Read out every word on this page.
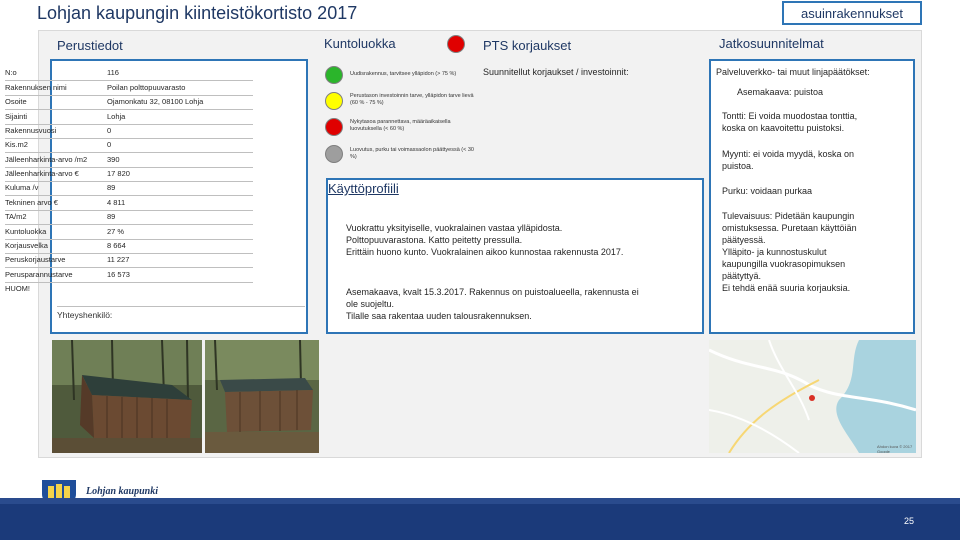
Lohjan kaupungin kiinteistökortisto 2017	asuinrakennukset
Perustiedot	Kuntoluokka	PTS korjaukset	Jatkosuunnitelmat
N:o	116
Rakennuksen nimi	Poilan polttopuuvarasto
Osoite	Ojamonkatu 32, 08100 Lohja
Sijainti	Lohja
Rakennusvuosi	0
Kis.m2	0
Jälleenharkinta-arvo /m2	390
Jälleenharkinta-arvo €	17 820
Kuluma /v	89
Tekninen arvo €	4 811
TA/m2	89
Kuntoluokka	27 %
Korjausvelka	8 664
Peruskorjaustarve	11 227
Perusparannustarve	16 573
HUOM!
Yhteyshenkilö:
Uudisrakennus, tarvitsee ylläpidon (> 75 %)
Perustason investoinnin tarve, ylläpidon tarve lievä (60 % - 75 %)
Nykytasoa parannettava, määräaikaisella luovutuksella (< 60 %)
Luovutus, purku tai voimassaolon päättyessä (< 30 %)
Suunnitellut korjaukset / investoinnit:
Käyttöprofiili
Vuokrattu yksityiselle, vuokralainen vastaa ylläpidosta.
Polttopuuvarastona. Katto peitetty pressulla.
Erittäin huono kunto. Vuokralainen aikoo kunnostaa rakennusta 2017.
Asemakaava, kvalt 15.3.2017. Rakennus on puistoalueella, rakennusta ei
ole suojeltu.
Tilalle saa rakentaa uuden talousrakennuksen.
Palveluverkko- tai muut linjapäätökset:
Asemakaava: puistoa
Tontti: Ei voida muodostaa tonttia,
koska on kaavoitettu puistoksi.
Myynti: ei voida myydä, koska on
puistoa.
Purku: voidaan purkaa
Tulevaisuus: Pidetään kaupungin
omistuksessa. Puretaan käyttöiän
päätyessä.
Ylläpito- ja kunnostuskulut
kaupungilla vuokrasopimuksen
päätyttyä.
Ei tehdä enää suuria korjauksia.
Ahdon kuva © 2017 Google
Lohjan kaupunki
25
